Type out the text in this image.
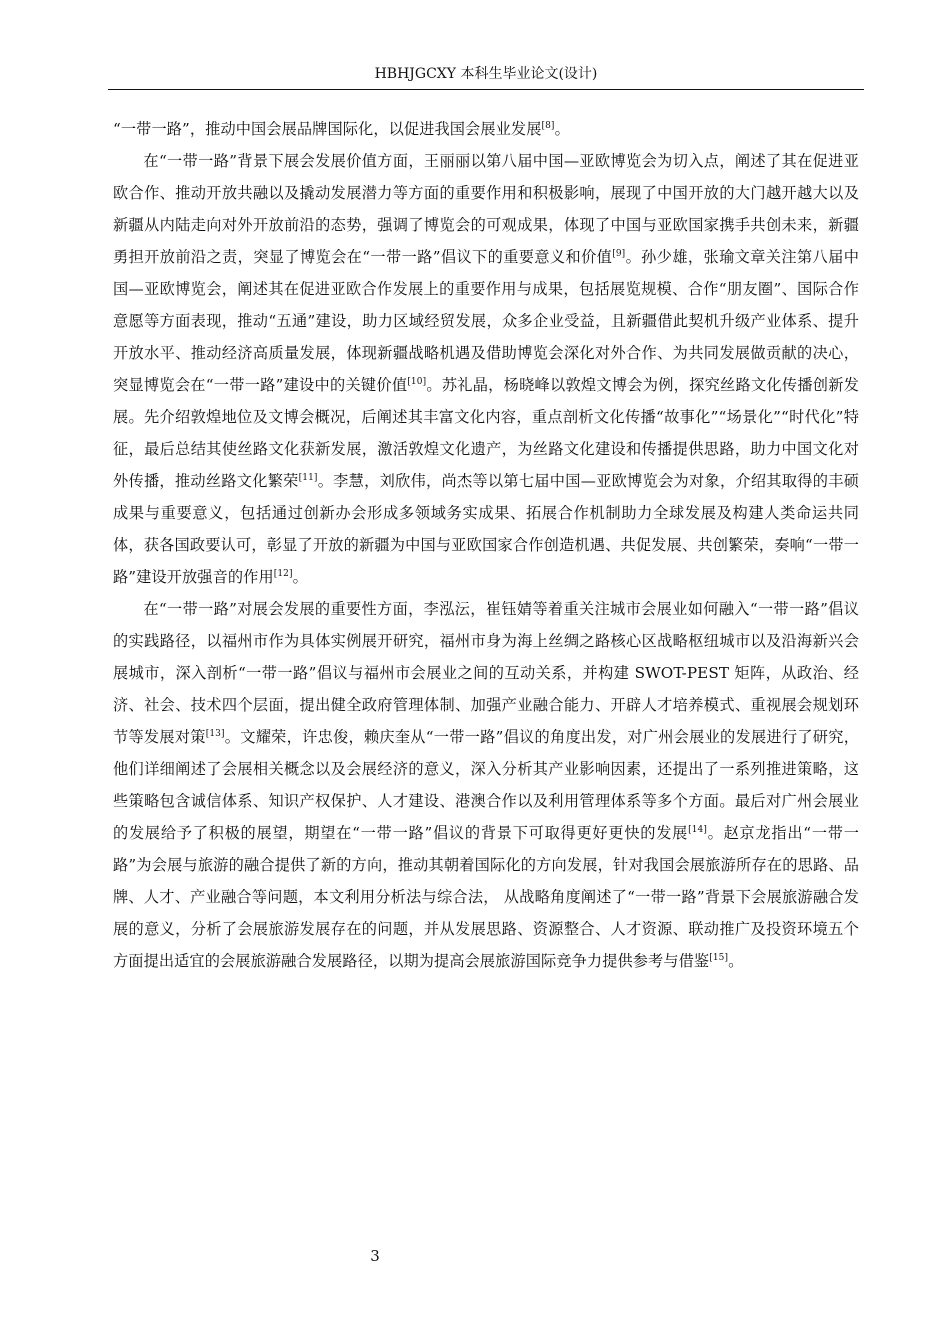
HBHJGCXY 本科生毕业论文(设计)

“一带一路”，推动中国会展品牌国际化，以促进我国会展业发展[8]。

在“一带一路”背景下展会发展价值方面，王丽丽以第八届中国—亚欧博览会为切入点，阐述了其在促进亚欧合作、推动开放共融以及撬动发展潜力等方面的重要作用和积极影响，展现了中国开放的大门越开越大以及新疆从内陆走向对外开放前沿的态势，强调了博览会的可观成果，体现了中国与亚欧国家携手共创未来，新疆勇担开放前沿之责，突显了博览会在“一带一路”倡议下的重要意义和价值[9]。孙少雄，张瑜文章关注第八届中国—亚欧博览会，阐述其在促进亚欧合作发展上的重要作用与成果，包括展览规模、合作“朋友圈”、国际合作意愿等方面表现，推动“五通”建设，助力区域经贸发展，众多企业受益，且新疆借此契机升级产业体系、提升开放水平、推动经济高质量发展，体现新疆战略机遇及借助博览会深化对外合作、为共同发展做贡献的决心，突显博览会在“一带一路”建设中的关键价值[10]。苏礼晶，杨晓峰以敦煌文博会为例，探究丝路文化传播创新发展。先介绍敦煌地位及文博会概况，后阐述其丰富文化内容，重点剖析文化传播“故事化”“场景化”“时代化”特征，最后总结其使丝路文化获新发展，激活敦煌文化遗产，为丝路文化建设和传播提供思路，助力中国文化对外传播，推动丝路文化繁荣[11]。李慧，刘欣伟，尚杰等以第七届中国—亚欧博览会为对象，介绍其取得的丰硕成果与重要意义，包括通过创新办会形成多领域务实成果、拓展合作机制助力全球发展及构建人类命运共同体，获各国政要认可，彰显了开放的新疆为中国与亚欧国家合作创造机遇、共促发展、共创繁荣，奏响“一带一路”建设开放强音的作用[12]。

在“一带一路”对展会发展的重要性方面，李泓沄，崔钰婧等着重关注城市会展业如何融入“一带一路”倡议的实践路径，以福州市作为具体实例展开研究，福州市身为海上丝绸之路核心区战略枢纽城市以及沿海新兴会展城市，深入剖析“一带一路”倡议与福州市会展业之间的互动关系，并构建 SWOT-PEST 矩阵，从政治、经济、社会、技术四个层面，提出健全政府管理体制、加强产业融合能力、开辟人才培养模式、重视展会规划环节等发展对策[13]。文耀荣，许忠俊，赖庆奎从“一带一路”倡议的角度出发，对广州会展业的发展进行了研究，他们详细阐述了会展相关概念以及会展经济的意义，深入分析其产业影响因素，还提出了一系列推进策略，这些策略包含诚信体系、知识产权保护、人才建设、港澳合作以及利用管理体系等多个方面。最后对广州会展业的发展给予了积极的展望，期望在“一带一路”倡议的背景下可取得更好更快的发展[14]。赵京龙指出“一带一路”为会展与旅游的融合提供了新的方向，推动其朝着国际化的方向发展，针对我国会展旅游所存在的思路、品牌、人才、产业融合等问题，本文利用分析法与综合法， 从战略角度阐述了“一带一路”背景下会展旅游融合发展的意义，分析了会展旅游发展存在的问题，并从发展思路、资源整合、人才资源、联动推广及投资环境五个方面提出适宜的会展旅游融合发展路径，以期为提高会展旅游国际竞争力提供参考与借鉴[15]。

3
